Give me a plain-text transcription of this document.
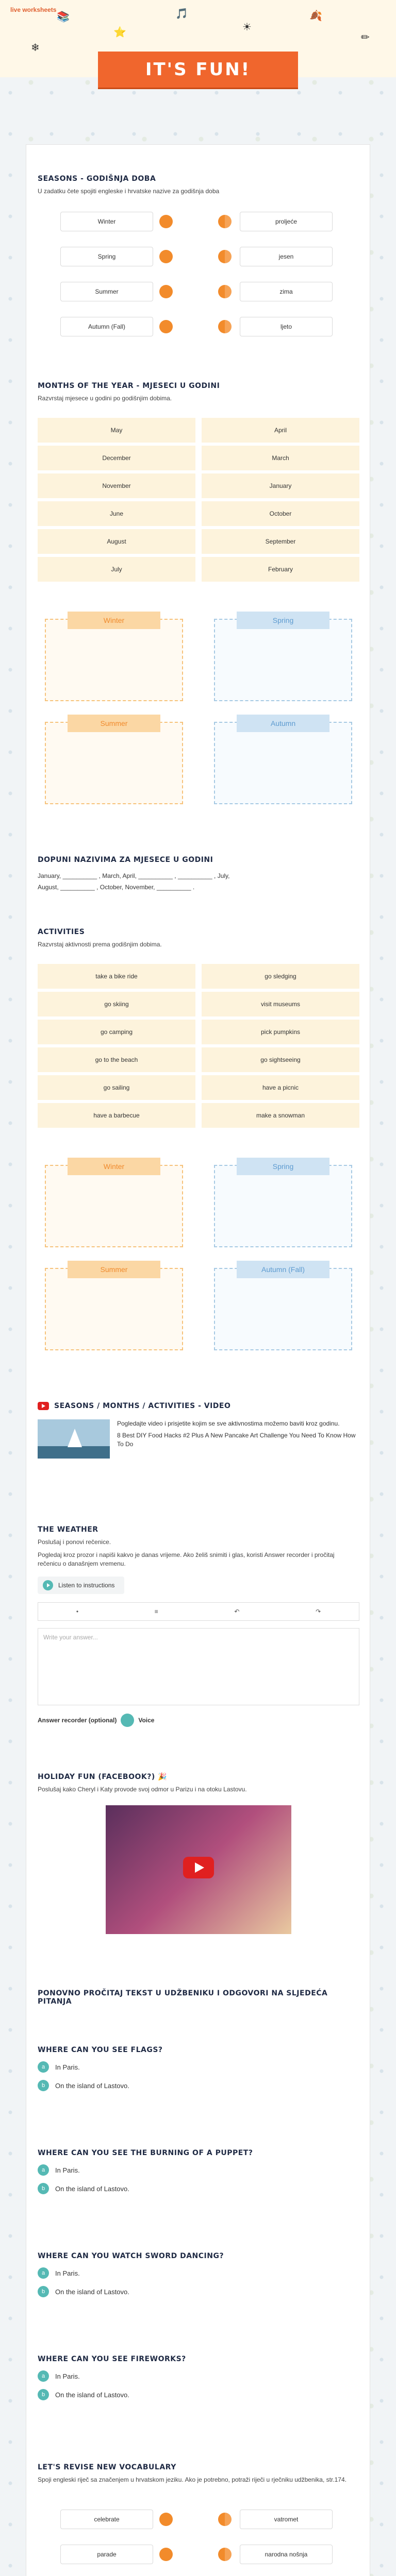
live worksheets
📚
⭐
🎵
☀
🍂
✏
❄
IT'S FUN!
SEASONS - GODIŠNJA DOBA
U zadatku čete spojiti engleske i hrvatske nazive za godišnja doba
Winter	proljeće
Spring	jesen
Summer	zima
Autumn (Fall)	ljeto
MONTHS OF THE YEAR - MJESECI U GODINI
Razvrstaj mjesece u godini po godišnjim dobima.
May	April
December	March
November	January
June	October
August	September
July	February
Winter	Spring
Summer	Autumn
DOPUNI NAZIVIMA ZA MJESECE U GODINI
January, __________ , March, April, __________ , __________ , July,
August, __________ , October, November, __________ .
ACTIVITIES
Razvrstaj aktivnosti prema godišnjim dobima.
take a bike ride	go sledging
go skiing	visit museums
go camping	pick pumpkins
go to the beach	go sightseeing
go sailing	have a picnic
have a barbecue	make a snowman
Winter	Spring
Summer	Autumn (Fall)
SEASONS / MONTHS / ACTIVITIES - VIDEO
Pogledajte video i prisjetite kojim se sve aktivnostima možemo baviti kroz godinu.
8 Best DIY Food Hacks #2 Plus A New Pancake Art Challenge You Need To Know How To Do
THE WEATHER
Poslušaj i ponovi rečenice.
Pogledaj kroz prozor i napiši kakvo je danas vrijeme. Ako želiš snimiti i glas, koristi Answer recorder i pročitaj rečenicu o današnjem vremenu.
Listen to instructions
•	≡	↶	↷
Write your answer...
Answer recorder (optional)	Voice
HOLIDAY FUN (FACEBOOK?) 🎉
Poslušaj kako Cheryl i Katy provode svoj odmor u Parizu i na otoku Lastovu.
PONOVNO PROČITAJ TEKST U UDŽBENIKU I ODGOVORI NA SLJEDEĆA PITANJA
WHERE CAN YOU SEE FLAGS?
a	In Paris.
b	On the island of Lastovo.
WHERE CAN YOU SEE THE BURNING OF A PUPPET?
a	In Paris.
b	On the island of Lastovo.
WHERE CAN YOU WATCH SWORD DANCING?
a	In Paris.
b	On the island of Lastovo.
WHERE CAN YOU SEE FIREWORKS?
a	In Paris.
b	On the island of Lastovo.
LET'S REVISE NEW VOCABULARY
Spoji engleski riječ sa značenjem u hrvatskom jeziku. Ako je potrebno, potraži riječi u rječniku udžbenika, str.174.
celebrate	vatromet
parade	narodna nošnja
